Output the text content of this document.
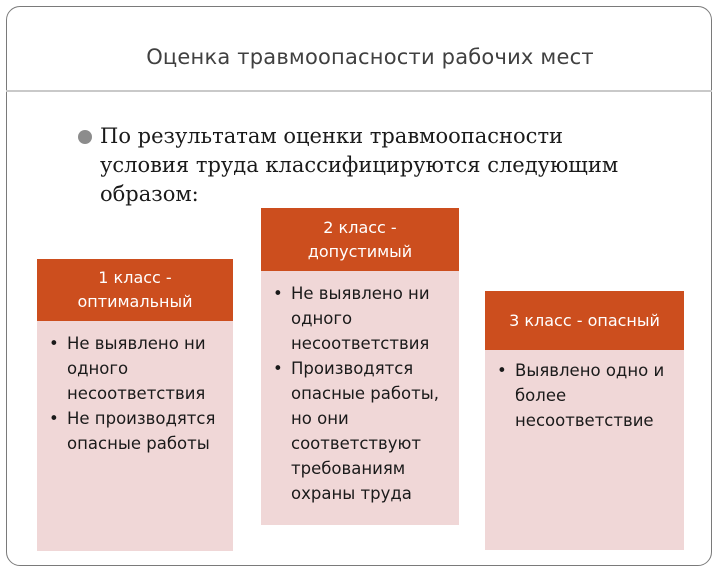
Оценка травмоопасности рабочих мест
По результатам оценки травмоопасности
условия труда классифицируются следующим
образом:
1 класс -
оптимальный
• Не выявлено ни
одного
несоответствия
• Не производятся
опасные работы
2 класс -
допустимый
• Не выявлено ни
одного
несоответствия
• Производятся
опасные работы,
но они
соответствуют
требованиям
охраны труда
3 класс - опасный
• Выявлено одно и
более
несоответствие
